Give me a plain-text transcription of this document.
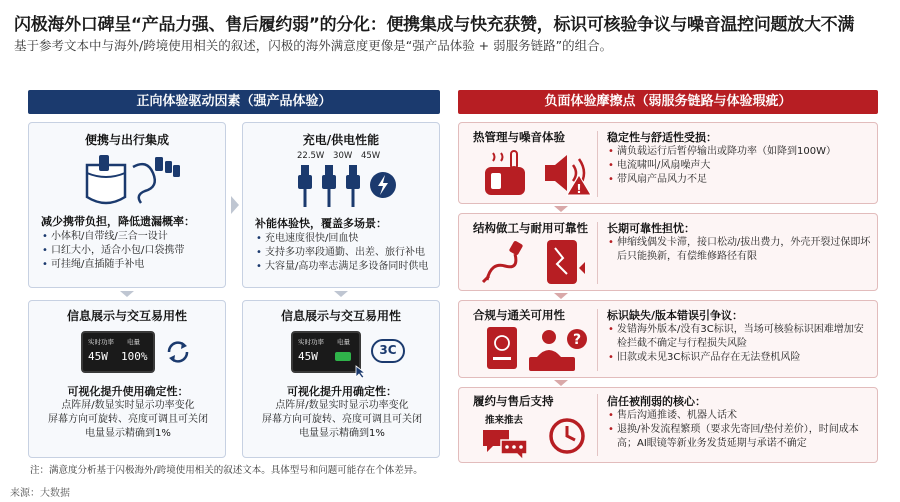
闪极海外口碑呈“产品力强、售后履约弱”的分化：便携集成与快充获赞，标识可核验争议与噪音温控问题放大不满
基于参考文本中与海外/跨境使用相关的叙述，闪极的海外满意度更像是“强产品体验 + 弱服务链路”的组合。
正向体验驱动因素（强产品体验）	负面体验摩擦点（弱服务链路与体验瑕疵）
便携与出行集成
减少携带负担，降低遗漏概率：
• 小体积/自带线/三合一设计
• 口红大小，适合小包/口袋携带
• 可挂绳/直插随手补电
充电/供电性能
22.5W 30W 45W
补能体验快，覆盖多场景：
• 充电速度很快/回血快
• 支持多功率段通勤、出差、旅行补电
• 大容量/高功率志满足多设备同时供电
信息展示与交互易用性
实时功率 电量
45W 100%
可视化提升使用确定性：
点阵屏/数显实时显示功率变化
屏幕方向可旋转、亮度可调且可关闭
电量显示精确到1%
信息展示与交互易用性
实时功率 电量
45W	3C
可视化提升用确定性：
点阵屏/数显实时显示功率变化
屏幕方向可旋转、亮度可调且可关闭
电量显示精确到1%
热管理与噪音体验
!
稳定性与舒适性受损：
• 满负载运行后暂停输出或降功率（如降到100W）
• 电流啸叫/风扇噪声大
• 带风扇产品风力不足
结构做工与耐用可靠性 长期可靠性担忧：
• 伸缩线偶发卡滞，接口松动/拔出费力，外壳开裂过保即坏后只能换新，有偿维修路径有限
合规与通关可用性
?
标识缺失/版本错误引争议：
• 发错海外版本/没有3C标识，当场可核验标识困难增加安检拦截不确定与行程损失风险
• 旧款或未见3C标识产品存在无法登机风险
履约与售后支持
推来推去
信任被削弱的核心：
• 售后沟通推诿、机器人话术
• 退换/补发流程繁琐（要求先寄回/垫付差价），时间成本高；AI眼镜等新业务发货延期与承诺不确定
注：满意度分析基于闪极海外/跨境使用相关的叙述文本。具体型号和问题可能存在个体差异。
来源：大数据
